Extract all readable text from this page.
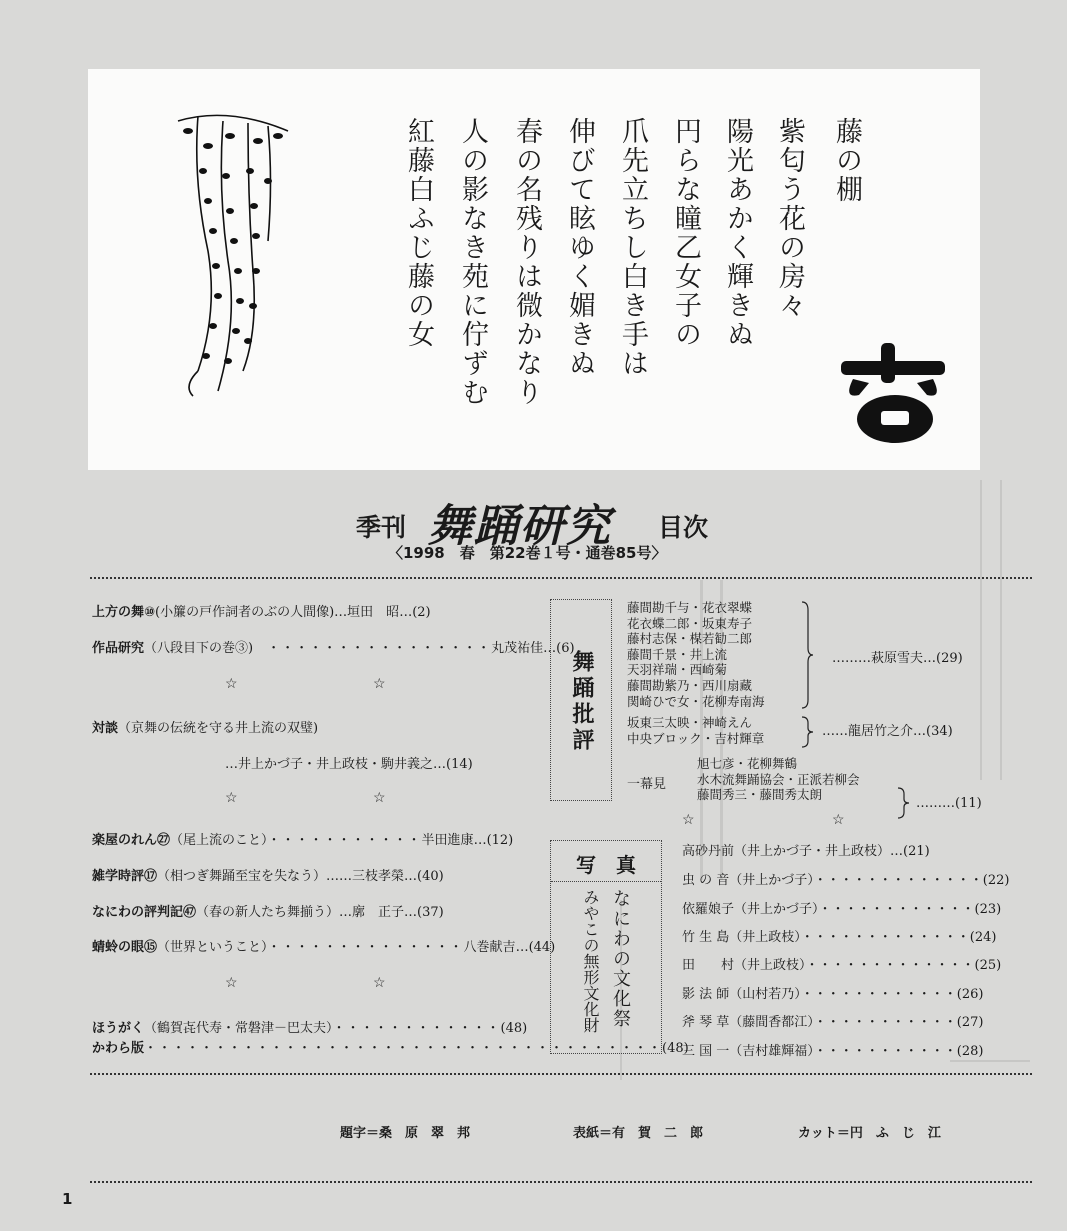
藤の棚
紫匂う花の房々
陽光あかく輝きぬ
円らな瞳乙女子の
爪先立ちし白き手は
伸びて眩ゆく媚きぬ
春の名残りは微かなり
人の影なき苑に佇ずむ
紅藤白ふじ藤の女
季刊 舞踊研究 目次
〈1998　春　第22巻１号・通巻85号〉
上方の舞⑩(小簾の戸作詞者のぶの人間像)…垣田　昭…(2)
作品研究（八段目下の巻③)　・・・・・・・・・・・・・・・・丸茂祐佳…(6)
☆	☆
対談（京舞の伝統を守る井上流の双璧)
…井上かづ子・井上政枝・駒井義之…(14)
☆	☆
楽屋のれん㉗（尾上流のこと）・・・・・・・・・・・半田進康…(12)
雑学時評⑰（相つぎ舞踊至宝を失なう）……三枝孝榮…(40)
なにわの評判記㊼（春の新人たち舞揃う）…廓　正子…(37)
蜻蛉の眼⑮（世界ということ）・・・・・・・・・・・・・・八巻献吉…(44)
☆	☆
ほうがく（鶴賀㐂代寿・常磐津－巴太夫）・・・・・・・・・・・・(48)
かわら版・・・・・・・・・・・・・・・・・・・・・・・・・・・・・・・・・・・・・(48)
舞踊批評
藤間勘千与・花衣翠蝶
花衣蝶二郎・坂東寿子
藤村志保・楳若勧二郎
藤間千景・井上流
天羽祥瑞・西崎菊
藤間勘紫乃・西川扇藏
関崎ひで女・花柳寿南海
………萩原雪夫…(29)
坂東三太映・神崎えん
中央ブロック・吉村輝章	……龍居竹之介…(34)
一幕見
旭七彦・花柳舞鶴
水木流舞踊協会・正派若柳会
藤間秀三・藤間秀太朗
………(11)
☆	☆
写　真
なにわの文化祭
みやこの無形文化財
高砂丹前（井上かづ子・井上政枝）…(21)
虫 の 音（井上かづ子）・・・・・・・・・・・・・(22)
依羅娘子（井上かづ子）・・・・・・・・・・・・(23)
竹 生 島（井上政枝）・・・・・・・・・・・・・(24)
田　　村（井上政枝）・・・・・・・・・・・・・(25)
影 法 師（山村若乃）・・・・・・・・・・・・(26)
斧 琴 草（藤間香都江）・・・・・・・・・・・(27)
三 国 一（吉村雄輝福）・・・・・・・・・・・(28)
題字＝桑　原　翠　邦	表紙＝有　賀　二　郎	カット＝円　ふ　じ　江
1
